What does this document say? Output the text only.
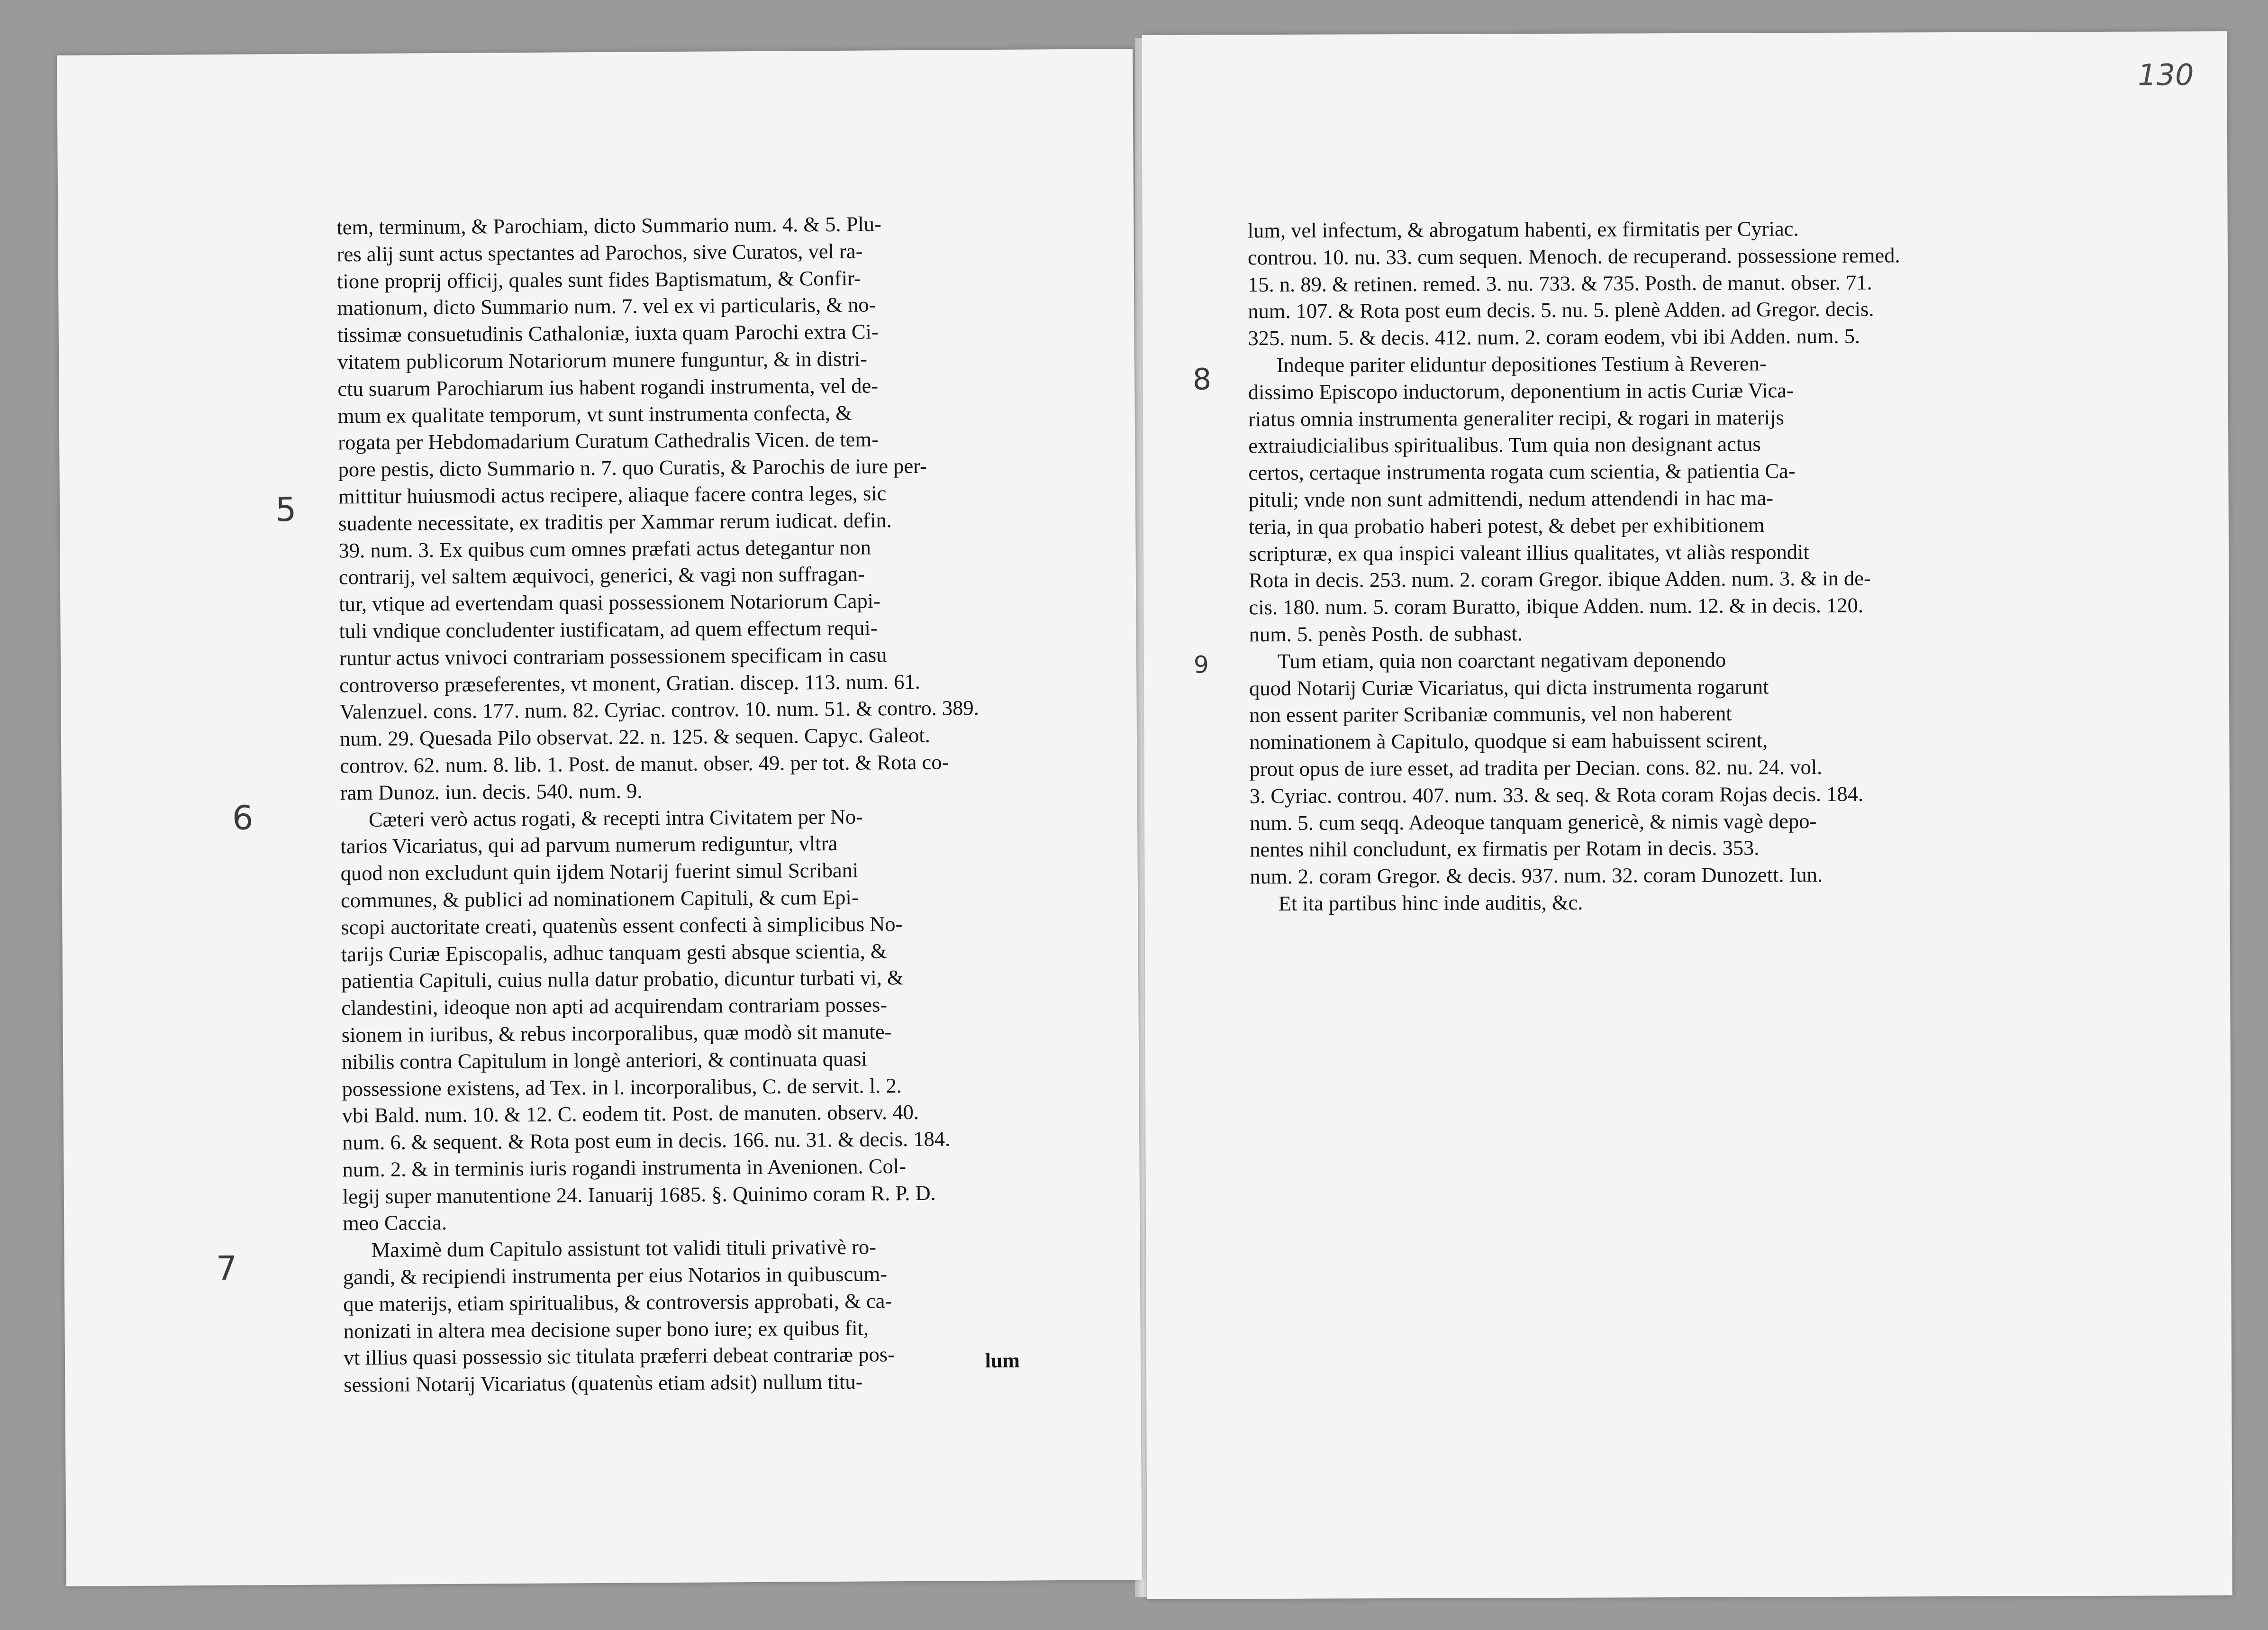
tem, terminum, & Parochiam, dicto Summario num. 4. & 5. Plu-
res alij sunt actus spectantes ad Parochos, sive Curatos, vel ra-
tione proprij officij, quales sunt fides Baptismatum, & Confir-
mationum, dicto Summario num. 7. vel ex vi particularis, & no-
tissimæ consuetudinis Cathaloniæ, iuxta quam Parochi extra Ci-
vitatem publicorum Notariorum munere funguntur, & in distri-
ctu suarum Parochiarum ius habent rogandi instrumenta, vel de-
mum ex qualitate temporum, vt sunt instrumenta confecta, &
rogata per Hebdomadarium Curatum Cathedralis Vicen. de tem-
pore pestis, dicto Summario n. 7. quo Curatis, & Parochis de iure per-
mittitur huiusmodi actus recipere, aliaque facere contra leges, sic
suadente necessitate, ex traditis per Xammar rerum iudicat. defin.
39. num. 3. Ex quibus cum omnes præfati actus detegantur non
contrarij, vel saltem æquivoci, generici, & vagi non suffragan-
tur, vtique ad evertendam quasi possessionem Notariorum Capi-
tuli vndique concludenter iustificatam, ad quem effectum requi-
runtur actus vnivoci contrariam possessionem specificam in casu
controverso præseferentes, vt monent, Gratian. discep. 113. num. 61.
Valenzuel. cons. 177. num. 82. Cyriac. controv. 10. num. 51. & contro. 389.
num. 29. Quesada Pilo observat. 22. n. 125. & sequen. Capyc. Galeot.
controv. 62. num. 8. lib. 1. Post. de manut. obser. 49. per tot. & Rota co-
ram Dunoz. iun. decis. 540. num. 9.
Cæteri verò actus rogati, & recepti intra Civitatem per No-
tarios Vicariatus, qui ad parvum numerum rediguntur, vltra
quod non excludunt quin ijdem Notarij fuerint simul Scribani
communes, & publici ad nominationem Capituli, & cum Epi-
scopi auctoritate creati, quatenùs essent confecti à simplicibus No-
tarijs Curiæ Episcopalis, adhuc tanquam gesti absque scientia, &
patientia Capituli, cuius nulla datur probatio, dicuntur turbati vi, &
clandestini, ideoque non apti ad acquirendam contrariam posses-
sionem in iuribus, & rebus incorporalibus, quæ modò sit manute-
nibilis contra Capitulum in longè anteriori, & continuata quasi
possessione existens, ad Tex. in l. incorporalibus, C. de servit. l. 2.
vbi Bald. num. 10. & 12. C. eodem tit. Post. de manuten. observ. 40.
num. 6. & sequent. & Rota post eum in decis. 166. nu. 31. & decis. 184.
num. 2. & in terminis iuris rogandi instrumenta in Avenionen. Col-
legij super manutentione 24. Ianuarij 1685. §. Quinimo coram R. P. D.
meo Caccia.
Maximè dum Capitulo assistunt tot validi tituli privativè ro-
gandi, & recipiendi instrumenta per eius Notarios in quibuscum-
que materijs, etiam spiritualibus, & controversis approbati, & ca-
nonizati in altera mea decisione super bono iure; ex quibus fit,
vt illius quasi possessio sic titulata præferri debeat contrariæ pos-
sessioni Notarij Vicariatus (quatenùs etiam adsit) nullum titu-
lum
5
6
7
130
lum, vel infectum, & abrogatum habenti, ex firmitatis per Cyriac.
controu. 10. nu. 33. cum sequen. Menoch. de recuperand. possessione remed.
15. n. 89. & retinen. remed. 3. nu. 733. & 735. Posth. de manut. obser. 71.
num. 107. & Rota post eum decis. 5. nu. 5. plenè Adden. ad Gregor. decis.
325. num. 5. & decis. 412. num. 2. coram eodem, vbi ibi Adden. num. 5.
Indeque pariter eliduntur depositiones Testium à Reveren-
dissimo Episcopo inductorum, deponentium in actis Curiæ Vica-
riatus omnia instrumenta generaliter recipi, & rogari in materijs
extraiudicialibus spiritualibus. Tum quia non designant actus
certos, certaque instrumenta rogata cum scientia, & patientia Ca-
pituli; vnde non sunt admittendi, nedum attendendi in hac ma-
teria, in qua probatio haberi potest, & debet per exhibitionem
scripturæ, ex qua inspici valeant illius qualitates, vt aliàs respondit
Rota in decis. 253. num. 2. coram Gregor. ibique Adden. num. 3. & in de-
cis. 180. num. 5. coram Buratto, ibique Adden. num. 12. & in decis. 120.
num. 5. penès Posth. de subhast.
Tum etiam, quia non coarctant negativam deponendo
quod Notarij Curiæ Vicariatus, qui dicta instrumenta rogarunt
non essent pariter Scribaniæ communis, vel non haberent
nominationem à Capitulo, quodque si eam habuissent scirent,
prout opus de iure esset, ad tradita per Decian. cons. 82. nu. 24. vol.
3. Cyriac. controu. 407. num. 33. & seq. & Rota coram Rojas decis. 184.
num. 5. cum seqq. Adeoque tanquam genericè, & nimis vagè depo-
nentes nihil concludunt, ex firmatis per Rotam in decis. 353.
num. 2. coram Gregor. & decis. 937. num. 32. coram Dunozett. Iun.
Et ita partibus hinc inde auditis, &c.
8
9
